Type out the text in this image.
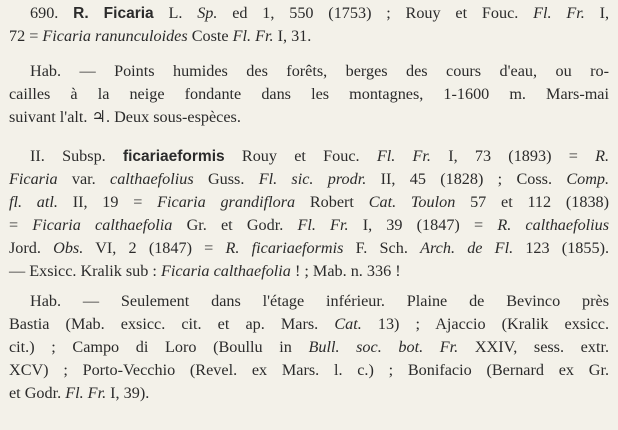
690. R. Ficaria L. Sp. ed 1, 550 (1753) ; Rouy et Fouc. Fl. Fr. I,
72 = Ficaria ranunculoides Coste Fl. Fr. I, 31.
Hab. — Points humides des forêts, berges des cours d'eau, ou ro-
cailles à la neige fondante dans les montagnes, 1-1600 m. Mars-mai
suivant l'alt. ♃. Deux sous-espèces.
II. Subsp. ficariaeformis Rouy et Fouc. Fl. Fr. I, 73 (1893) = R.
Ficaria var. calthaefolius Guss. Fl. sic. prodr. II, 45 (1828) ; Coss. Comp.
fl. atl. II, 19 = Ficaria grandiflora Robert Cat. Toulon 57 et 112 (1838)
= Ficaria calthaefolia Gr. et Godr. Fl. Fr. I, 39 (1847) = R. calthaefolius
Jord. Obs. VI, 2 (1847) = R. ficariaeformis F. Sch. Arch. de Fl. 123 (1855).
— Exsicc. Kralik sub : Ficaria calthaefolia ! ; Mab. n. 336 !
Hab. — Seulement dans l'étage inférieur. Plaine de Bevinco près
Bastia (Mab. exsicc. cit. et ap. Mars. Cat. 13) ; Ajaccio (Kralik exsicc.
cit.) ; Campo di Loro (Boullu in Bull. soc. bot. Fr. XXIV, sess. extr.
XCV) ; Porto-Vecchio (Revel. ex Mars. l. c.) ; Bonifacio (Bernard ex Gr.
et Godr. Fl. Fr. I, 39).
